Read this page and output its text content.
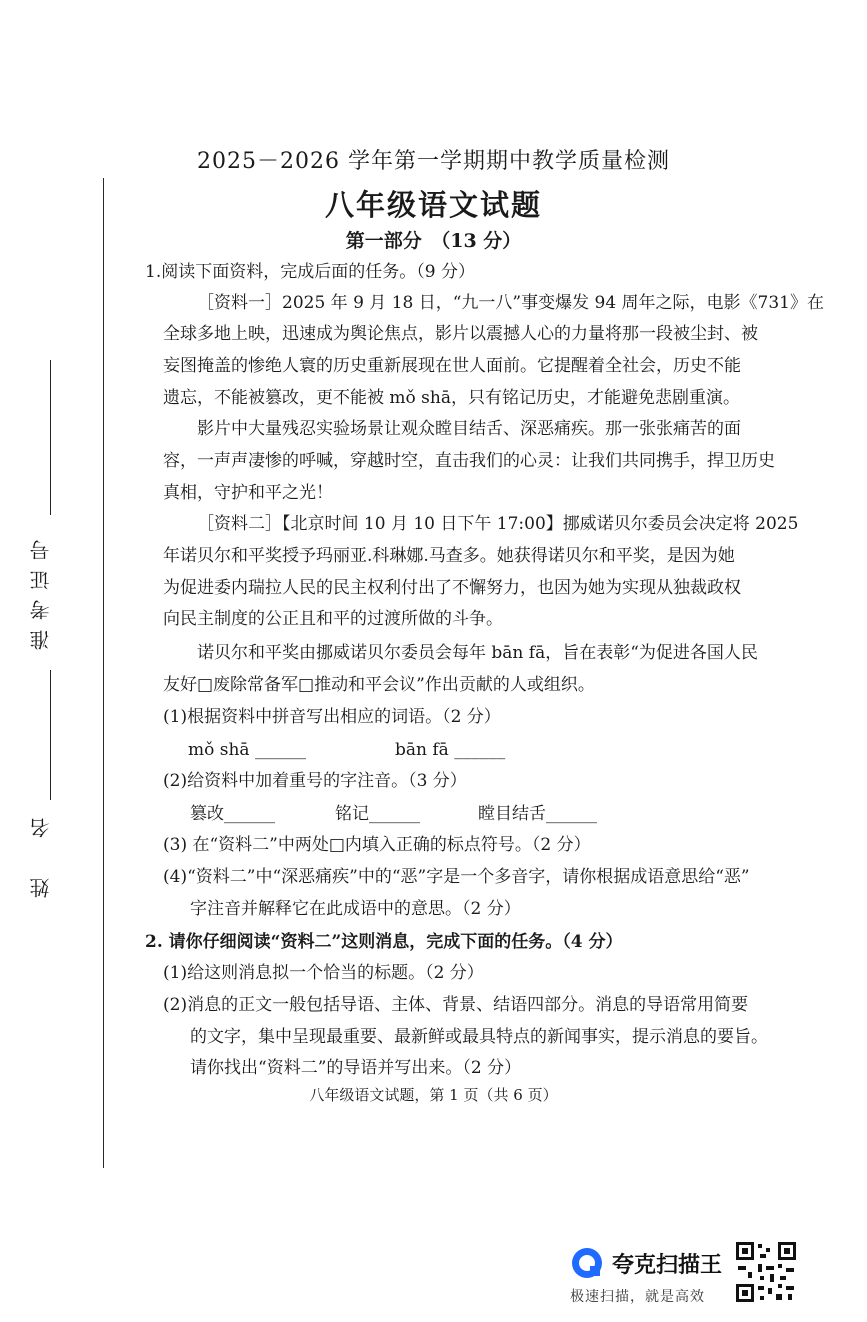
2025－2026 学年第一学期期中教学质量检测
八年级语文试题
第一部分　（13 分）
准考证号
姓　名
1.阅读下面资料，完成后面的任务。（9 分）
［资料一］2025 年 9 月 18 日，“九一八”事变爆发 94 周年之际，电影《731》在
全球多地上映，迅速成为舆论焦点，影片以震撼人心的力量将那一段被尘封、被
妄图掩盖的惨绝人寰的历史重新展现在世人面前。它提醒着全社会，历史不能
遗忘，不能被篡改，更不能被 mǒ shā，只有铭记历史，才能避免悲剧重演。
影片中大量残忍实验场景让观众瞠目结舌、深恶痛疾。那一张张痛苦的面
容，一声声凄惨的呼喊，穿越时空，直击我们的心灵：让我们共同携手，捍卫历史
真相，守护和平之光！
［资料二］【北京时间 10 月 10 日下午 17:00】挪威诺贝尔委员会决定将 2025
年诺贝尔和平奖授予玛丽亚.科琳娜.马查多。她获得诺贝尔和平奖，是因为她
为促进委内瑞拉人民的民主权利付出了不懈努力，也因为她为实现从独裁政权
向民主制度的公正且和平的过渡所做的斗争。
诺贝尔和平奖由挪威诺贝尔委员会每年 bān fā，旨在表彰“为促进各国人民
友好□废除常备军□推动和平会议”作出贡献的人或组织。
(1)根据资料中拼音写出相应的词语。（2 分）
mǒ shā ______	bān fā ______
(2)给资料中加着重号的字注音。（3 分）
篡改______	铭记______	瞠目结舌______
(3) 在“资料二”中两处□内填入正确的标点符号。（2 分）
(4)“资料二”中“深恶痛疾”中的“恶”字是一个多音字，请你根据成语意思给“恶”
字注音并解释它在此成语中的意思。（2 分）
2. 请你仔细阅读“资料二”这则消息，完成下面的任务。（4 分）
(1)给这则消息拟一个恰当的标题。（2 分）
(2)消息的正文一般包括导语、主体、背景、结语四部分。消息的导语常用简要
的文字，集中呈现最重要、最新鲜或最具特点的新闻事实，提示消息的要旨。
请你找出“资料二”的导语并写出来。（2 分）
八年级语文试题，第 1 页（共 6 页）
夸克扫描王
极速扫描，就是高效
